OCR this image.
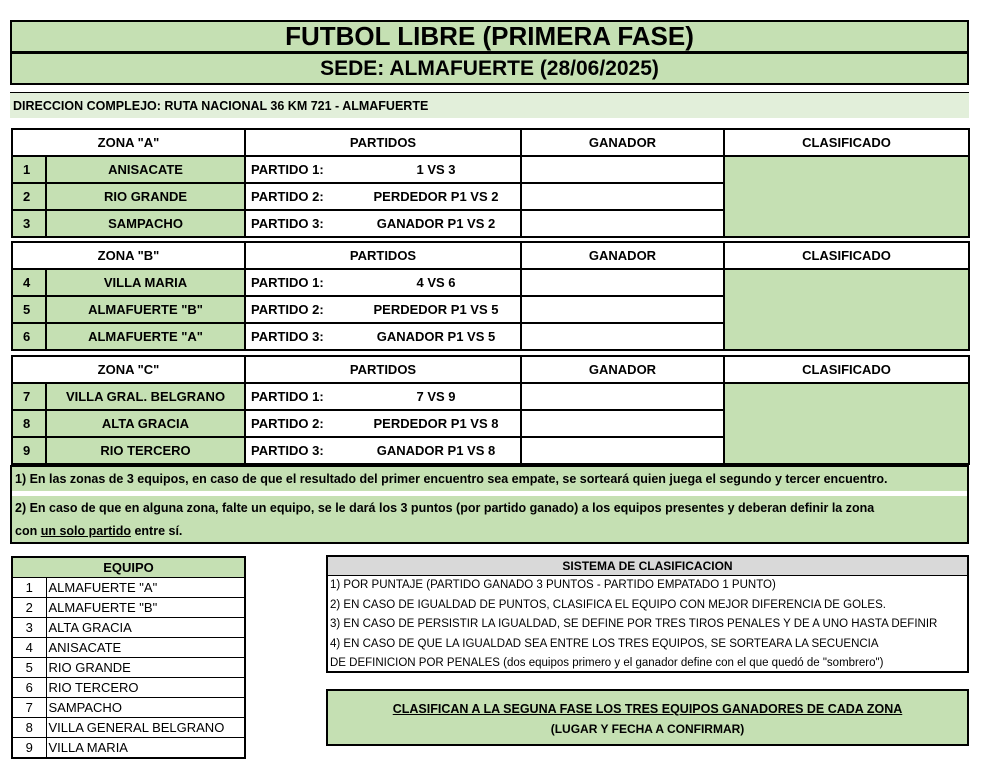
FUTBOL LIBRE (PRIMERA FASE)
SEDE: ALMAFUERTE (28/06/2025)
DIRECCION COMPLEJO: RUTA NACIONAL 36 KM 721 - ALMAFUERTE
ZONA "A"		PARTIDOS	GANADOR	CLASIFICADO
1	ANISACATE	PARTIDO 1: 1 VS 3		
2	RIO GRANDE	PARTIDO 2: PERDEDOR P1 VS 2		
3	SAMPACHO	PARTIDO 3: GANADOR P1 VS 2		
ZONA "B"		PARTIDOS	GANADOR	CLASIFICADO
4	VILLA MARIA	PARTIDO 1: 4 VS 6		
5	ALMAFUERTE "B"	PARTIDO 2: PERDEDOR P1 VS 5		
6	ALMAFUERTE "A"	PARTIDO 3: GANADOR P1 VS 5		
ZONA "C"		PARTIDOS	GANADOR	CLASIFICADO
7	VILLA GRAL. BELGRANO	PARTIDO 1: 7 VS 9		
8	ALTA GRACIA	PARTIDO 2: PERDEDOR P1 VS 8		
9	RIO TERCERO	PARTIDO 3: GANADOR P1 VS 8		
1) En las zonas de 3 equipos, en caso de que el resultado del primer encuentro sea empate, se sorteará quien juega el segundo y tercer encuentro.
2) En caso de que en alguna zona, falte un equipo, se le dará los 3 puntos (por partido ganado) a los equipos presentes y deberan definir la zona
con un solo partido entre sí.
EQUIPO	
1	ALMAFUERTE "A"
2	ALMAFUERTE "B"
3	ALTA GRACIA
4	ANISACATE
5	RIO GRANDE
6	RIO TERCERO
7	SAMPACHO
8	VILLA GENERAL BELGRANO
9	VILLA MARIA
SISTEMA DE CLASIFICACION
1) POR PUNTAJE (PARTIDO GANADO 3 PUNTOS - PARTIDO EMPATADO 1 PUNTO)
2) EN CASO DE IGUALDAD DE PUNTOS, CLASIFICA EL EQUIPO CON MEJOR DIFERENCIA DE GOLES.
3) EN CASO DE PERSISTIR LA IGUALDAD, SE DEFINE POR TRES TIROS PENALES Y DE A UNO HASTA DEFINIR
4) EN CASO DE QUE LA IGUALDAD SEA ENTRE LOS TRES EQUIPOS, SE SORTEARA LA SECUENCIA
DE DEFINICION POR PENALES (dos equipos primero y el ganador define con el que quedó de "sombrero")
CLASIFICAN A LA SEGUNA FASE LOS TRES EQUIPOS GANADORES DE CADA ZONA
(LUGAR Y FECHA A CONFIRMAR)
